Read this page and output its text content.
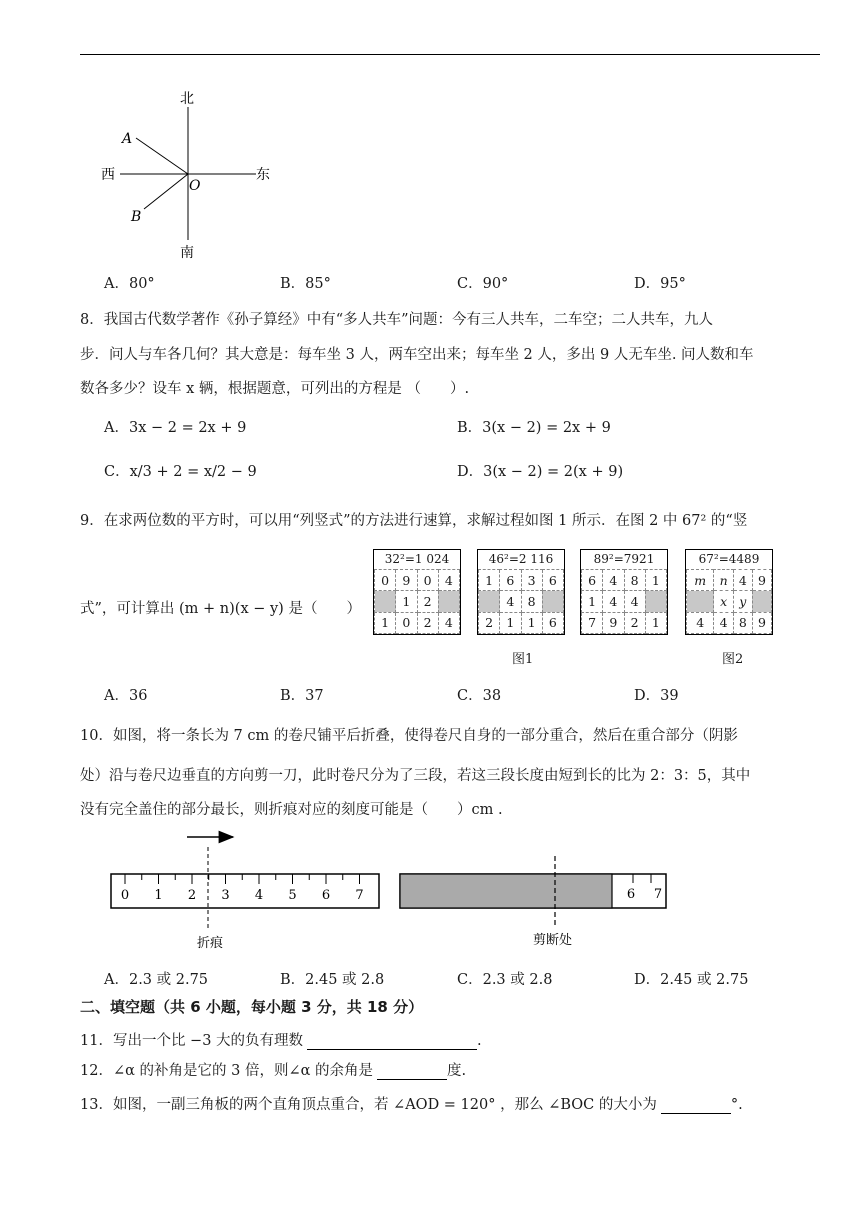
北
南
西	东
A
B
O
A．80°	B．85°	C．90°	D．95°
8．我国古代数学著作《孙子算经》中有“多人共车”问题：今有三人共车，二车空；二人共车，九人
步．问人与车各几何？其大意是：每车坐 3 人，两车空出来；每车坐 2 人，多出 9 人无车坐. 问人数和车
数各多少？设车 x 辆，根据题意，可列出的方程是 （　　）.
A．3x − 2 = 2x + 9	B．3(x − 2) = 2x + 9
C．x/3 + 2 = x/2 − 9	D．3(x − 2) = 2(x + 9)
9．在求两位数的平方时，可以用“列竖式”的方法进行速算，求解过程如图 1 所示．在图 2 中 67² 的“竖
式”，可计算出 (m + n)(x − y) 是（　　）
32²=1 024			
0	9	0	4
	1	2	
1	0	2	4
46²=2 116			
1	6	3	6
	4	8	
2	1	1	6
89²=7921			
6	4	8	1
1	4	4	
7	9	2	1
67²=4489			
m	n	4	9
	x	y	
4	4	8	9
图1	图2
A．36	B．37	C．38	D．39
10．如图，将一条长为 7 cm 的卷尺铺平后折叠，使得卷尺自身的一部分重合，然后在重合部分（阴影
处）沿与卷尺边垂直的方向剪一刀，此时卷尺分为了三段，若这三段长度由短到长的比为 2：3：5，其中
没有完全盖住的部分最长，则折痕对应的刻度可能是（　　）cm .
0 1 2 3 4 5 6 7
折痕
6 7
剪断处
A．2.3 或 2.75	B．2.45 或 2.8	C．2.3 或 2.8	D．2.45 或 2.75
二、填空题（共 6 小题，每小题 3 分，共 18 分）
11．写出一个比 −3 大的负有理数	.
12．∠α 的补角是它的 3 倍，则∠α 的余角是	度.
13．如图，一副三角板的两个直角顶点重合，若 ∠AOD = 120° ，那么 ∠BOC 的大小为	°.
